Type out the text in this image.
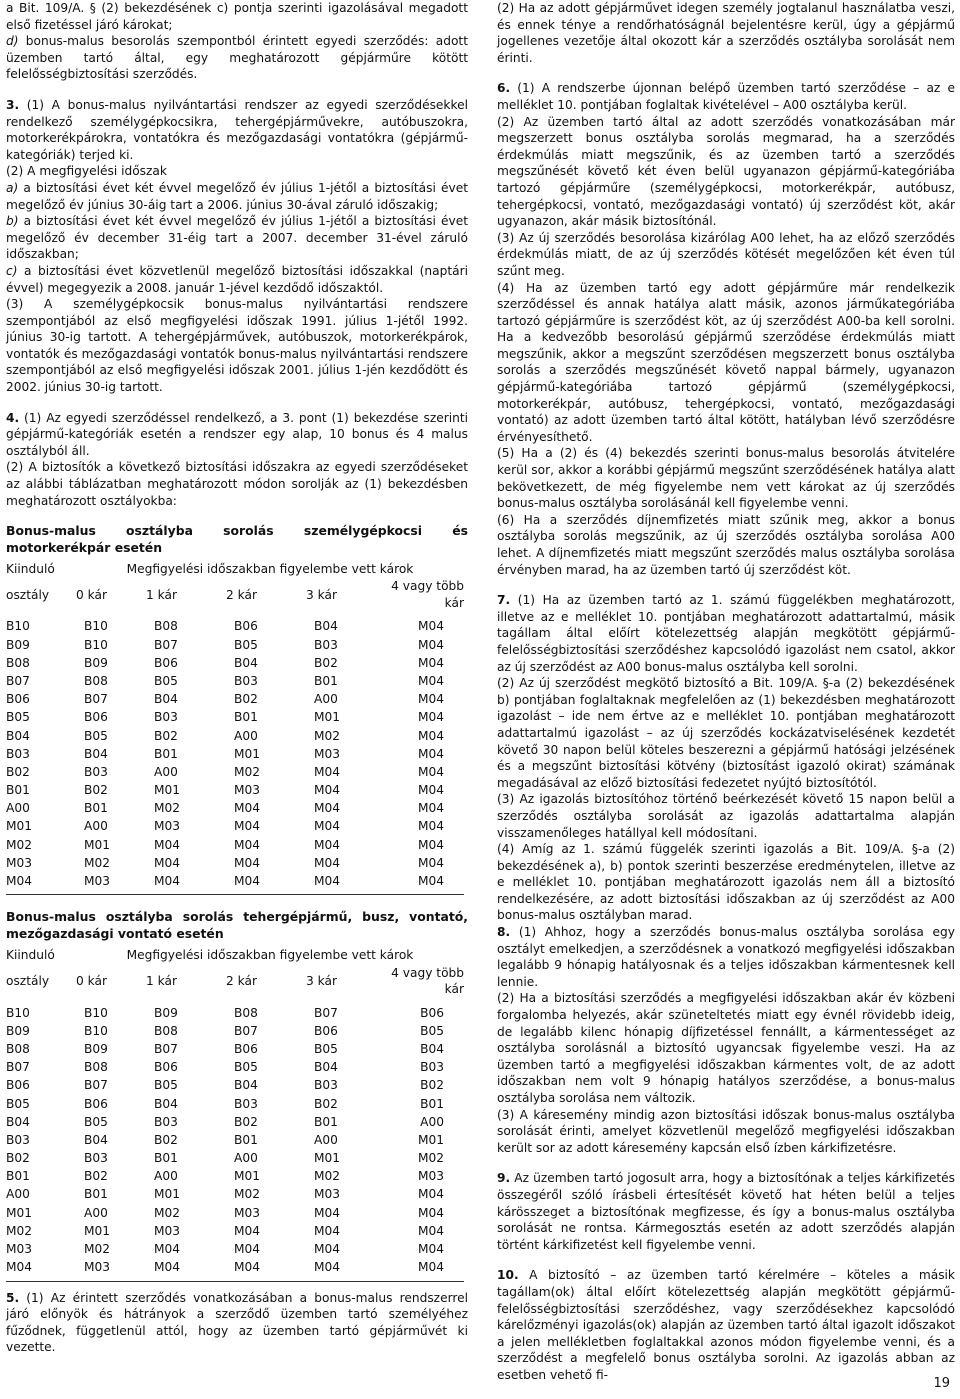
a Bit. 109/A. § (2) bekezdésének c) pontja szerinti igazolásával megadott első fizetéssel járó károkat;

d) bonus-malus besorolás szempontból érintett egyedi szerződés: adott üzemben tartó által, egy meghatározott gépjárműre kötött felelősségbiztosítási szerződés.

3. (1) A bonus-malus nyilvántartási rendszer az egyedi szerződésekkel rendelkező személygépkocsikra, tehergépjárművekre, autóbuszokra, motorkerékpárokra, vontatókra és mezőgazdasági vontatókra (gépjármű-kategóriák) terjed ki.

(2) A megfigyelési időszak

a) a biztosítási évet két évvel megelőző év július 1-jétől a biztosítási évet megelőző év június 30-áig tart a 2006. június 30-ával záruló időszakig;

b) a biztosítási évet két évvel megelőző év július 1-jétől a biztosítási évet megelőző év december 31-éig tart a 2007. december 31-ével záruló időszakban;

c) a biztosítási évet közvetlenül megelőző biztosítási időszakkal (naptári évvel) megegyezik a 2008. január 1-jével kezdődő időszaktól.

(3) A személygépkocsik bonus-malus nyilvántartási rendszere szempontjából az első megfigyelési időszak 1991. július 1-jétől 1992. június 30-ig tartott. A tehergépjárművek, autóbuszok, motorkerékpárok, vontatók és mezőgazdasági vontatók bonus-malus nyilvántartási rendszere szempontjából az első megfigyelési időszak 2001. július 1-jén kezdődött és 2002. június 30-ig tartott.

4. (1) Az egyedi szerződéssel rendelkező, a 3. pont (1) bekezdése szerinti gépjármű-kategóriák esetén a rendszer egy alap, 10 bonus és 4 malus osztályból áll.

(2) A biztosítók a következő biztosítási időszakra az egyedi szerződéseket az alábbi táblázatban meghatározott módon sorolják az (1) bekezdésben meghatározott osztályokba:

Bonus-malus osztályba sorolás személygépkocsi és motorkerékpár esetén

Kiinduló	Megfigyelési időszakban figyelembe vett károk				
osztály	0 kár	1 kár	2 kár	3 kár	4 vagy több kár
B10	B10	B08	B06	B04	M04
B09	B10	B07	B05	B03	M04
B08	B09	B06	B04	B02	M04
B07	B08	B05	B03	B01	M04
B06	B07	B04	B02	A00	M04
B05	B06	B03	B01	M01	M04
B04	B05	B02	A00	M02	M04
B03	B04	B01	M01	M03	M04
B02	B03	A00	M02	M04	M04
B01	B02	M01	M03	M04	M04
A00	B01	M02	M04	M04	M04
M01	A00	M03	M04	M04	M04
M02	M01	M04	M04	M04	M04
M03	M02	M04	M04	M04	M04
M04	M03	M04	M04	M04	M04

Bonus-malus osztályba sorolás tehergépjármű, busz, vontató, mezőgazdasági vontató esetén

Kiinduló	Megfigyelési időszakban figyelembe vett károk				
osztály	0 kár	1 kár	2 kár	3 kár	4 vagy több kár
B10	B10	B09	B08	B07	B06
B09	B10	B08	B07	B06	B05
B08	B09	B07	B06	B05	B04
B07	B08	B06	B05	B04	B03
B06	B07	B05	B04	B03	B02
B05	B06	B04	B03	B02	B01
B04	B05	B03	B02	B01	A00
B03	B04	B02	B01	A00	M01
B02	B03	B01	A00	M01	M02
B01	B02	A00	M01	M02	M03
A00	B01	M01	M02	M03	M04
M01	A00	M02	M03	M04	M04
M02	M01	M03	M04	M04	M04
M03	M02	M04	M04	M04	M04
M04	M03	M04	M04	M04	M04

5. (1) Az érintett szerződés vonatkozásában a bonus-malus rendszerrel járó előnyök és hátrányok a szerződő üzemben tartó személyéhez fűződnek, függetlenül attól, hogy az üzemben tartó gépjárművét ki vezette.

(2) Ha az adott gépjárművet idegen személy jogtalanul használatba veszi, és ennek ténye a rendőrhatóságnál bejelentésre kerül, úgy a gépjármű jogellenes vezetője által okozott kár a szerződés osztályba sorolását nem érinti.

6. (1) A rendszerbe újonnan belépő üzemben tartó szerződése – az e melléklet 10. pontjában foglaltak kivételével – A00 osztályba kerül.

(2) Az üzemben tartó által az adott szerződés vonatkozásában már megszerzett bonus osztályba sorolás megmarad, ha a szerződés érdekmúlás miatt megszűnik, és az üzemben tartó a szerződés megszűnését követő két éven belül ugyanazon gépjármű-kategóriába tartozó gépjárműre (személygépkocsi, motorkerékpár, autóbusz, tehergépkocsi, vontató, mezőgazdasági vontató) új szerződést köt, akár ugyanazon, akár másik biztosítónál.

(3) Az új szerződés besorolása kizárólag A00 lehet, ha az előző szerződés érdekmúlás miatt, de az új szerződés kötését megelőzően két éven túl szűnt meg.

(4) Ha az üzemben tartó egy adott gépjárműre már rendelkezik szerződéssel és annak hatálya alatt másik, azonos járműkategóriába tartozó gépjárműre is szerződést köt, az új szerződést A00-ba kell sorolni. Ha a kedvezőbb besorolású gépjármű szerződése érdekmúlás miatt megszűnik, akkor a megszűnt szerződésen megszerzett bonus osztályba sorolás a szerződés megszűnését követő nappal bármely, ugyanazon gépjármű-kategóriába tartozó gépjármű (személygépkocsi, motorkerékpár, autóbusz, tehergépkocsi, vontató, mezőgazdasági vontató) az adott üzemben tartó által kötött, hatályban lévő szerződésre érvényesíthető.

(5) Ha a (2) és (4) bekezdés szerinti bonus-malus besorolás átvitelére kerül sor, akkor a korábbi gépjármű megszűnt szerződésének hatálya alatt bekövetkezett, de még figyelembe nem vett károkat az új szerződés bonus-malus osztályba sorolásánál kell figyelembe venni.

(6) Ha a szerződés díjnemfizetés miatt szűnik meg, akkor a bonus osztályba sorolás megszűnik, az új szerződés osztályba sorolása A00 lehet. A díjnemfizetés miatt megszűnt szerződés malus osztályba sorolása érvényben marad, ha az üzemben tartó új szerződést köt.

7. (1) Ha az üzemben tartó az 1. számú függelékben meghatározott, illetve az e melléklet 10. pontjában meghatározott adattartalmú, másik tagállam által előírt kötelezettség alapján megkötött gépjármű-felelősségbiztosítási szerződéshez kapcsolódó igazolást nem csatol, akkor az új szerződést az A00 bonus-malus osztályba kell sorolni.

(2) Az új szerződést megkötő biztosító a Bit. 109/A. §-a (2) bekezdésének b) pontjában foglaltaknak megfelelően az (1) bekezdésben meghatározott igazolást – ide nem értve az e melléklet 10. pontjában meghatározott adattartalmú igazolást – az új szerződés kockázatviselésének kezdetét követő 30 napon belül köteles beszerezni a gépjármű hatósági jelzésének és a megszűnt biztosítási kötvény (biztosítást igazoló okirat) számának megadásával az előző biztosítási fedezetet nyújtó biztosítótól.

(3) Az igazolás biztosítóhoz történő beérkezését követő 15 napon belül a szerződés osztályba sorolását az igazolás adattartalma alapján visszamenőleges hatállyal kell módosítani.

(4) Amíg az 1. számú függelék szerinti igazolás a Bit. 109/A. §-a (2) bekezdésének a), b) pontok szerinti beszerzése eredménytelen, illetve az e melléklet 10. pontjában meghatározott igazolás nem áll a biztosító rendelkezésére, az adott biztosítási időszakban az új szerződést az A00 bonus-malus osztályban marad.

8. (1) Ahhoz, hogy a szerződés bonus-malus osztályba sorolása egy osztályt emelkedjen, a szerződésnek a vonatkozó megfigyelési időszakban legalább 9 hónapig hatályosnak és a teljes időszakban kármentesnek kell lennie.

(2) Ha a biztosítási szerződés a megfigyelési időszakban akár év közbeni forgalomba helyezés, akár szüneteltetés miatt egy évnél rövidebb ideig, de legalább kilenc hónapig díjfizetéssel fennállt, a kármentességet az osztályba sorolásnál a biztosító ugyancsak figyelembe veszi. Ha az üzemben tartó a megfigyelési időszakban kármentes volt, de az adott időszakban nem volt 9 hónapig hatályos szerződése, a bonus-malus osztályba sorolása nem változik.

(3) A káresemény mindig azon biztosítási időszak bonus-malus osztályba sorolását érinti, amelyet közvetlenül megelőző megfigyelési időszakban került sor az adott káresemény kapcsán első ízben kárkifizetésre.

9. Az üzemben tartó jogosult arra, hogy a biztosítónak a teljes kárkifizetés összegéről szóló írásbeli értesítését követő hat héten belül a teljes kárösszeget a biztosítónak megfizesse, és így a bonus-malus osztályba sorolását ne rontsa. Kármegosztás esetén az adott szerződés alapján történt kárkifizetést kell figyelembe venni.

10. A biztosító – az üzemben tartó kérelmére – köteles a másik tagállam(ok) által előírt kötelezettség alapján megkötött gépjármű-felelősségbiztosítási szerződéshez, vagy szerződésekhez kapcsolódó kárelőzményi igazolás(ok) alapján az üzemben tartó által igazolt időszakot a jelen mellékletben foglaltakkal azonos módon figyelembe venni, és a szerződést a megfelelő bonus osztályba sorolni. Az igazolás abban az esetben vehető fi-

19
